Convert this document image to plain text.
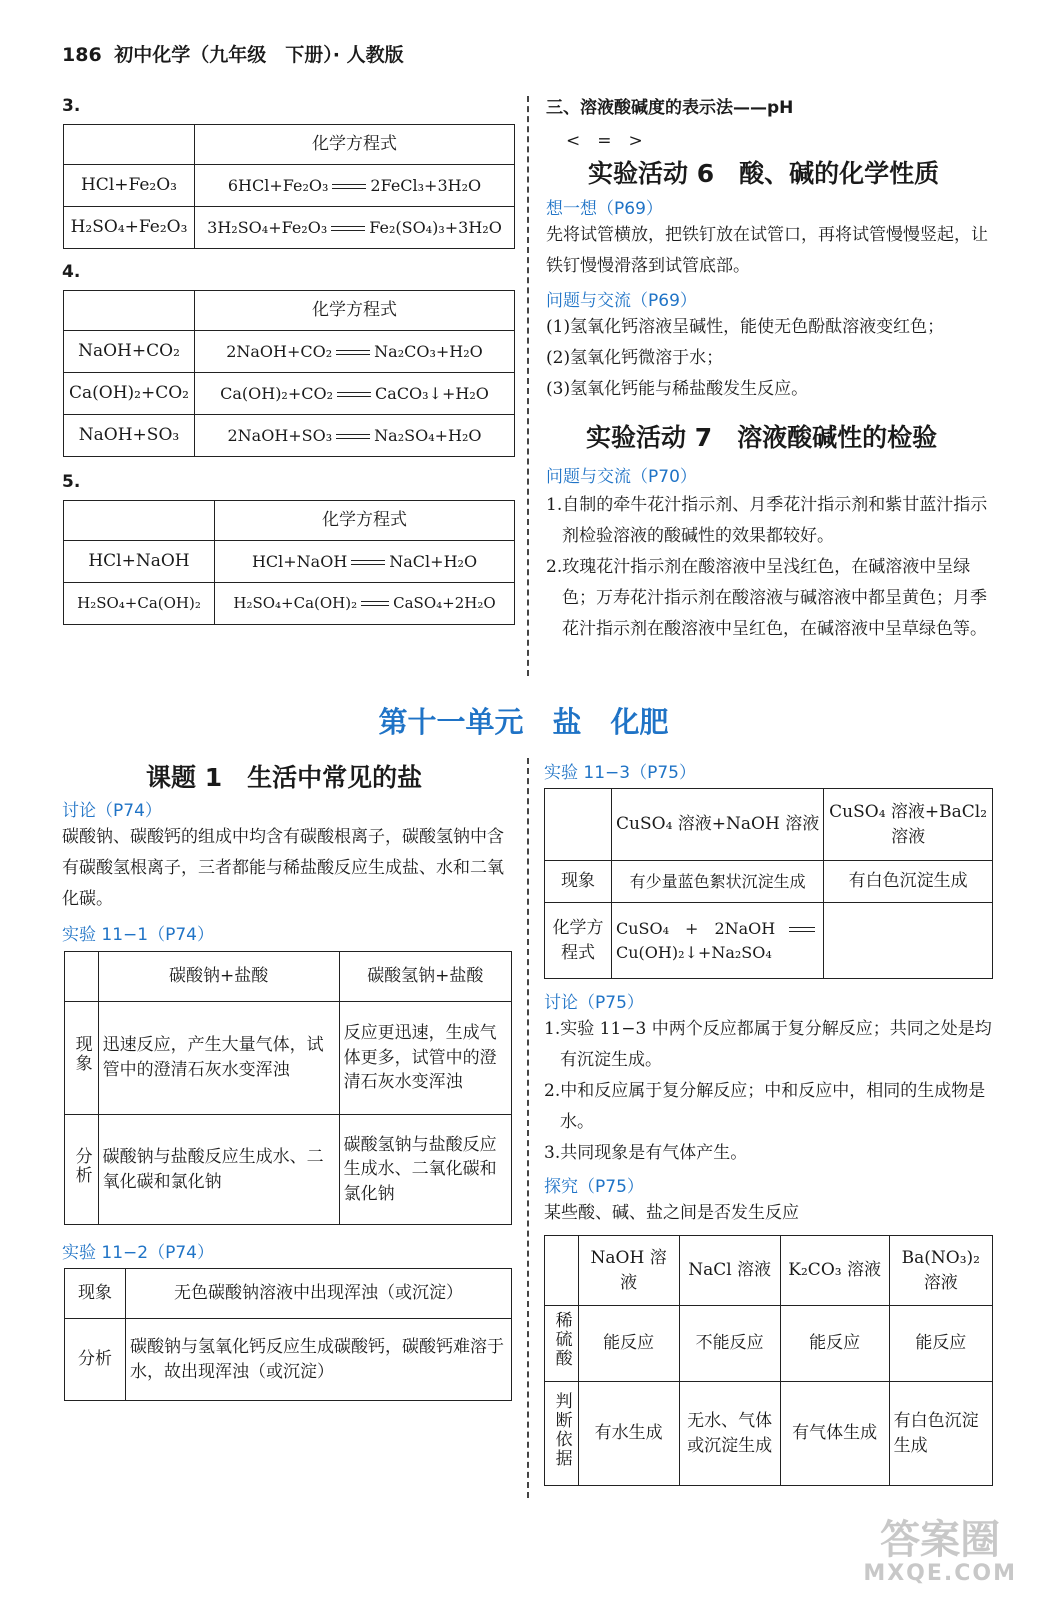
186 初中化学（九年级　下册）· 人教版
3.
	化学方程式
HCl+Fe₂O₃	6HCl+Fe₂O₃ 2FeCl₃+3H₂O
H₂SO₄+Fe₂O₃	3H₂SO₄+Fe₂O₃ Fe₂(SO₄)₃+3H₂O
4.
	化学方程式
NaOH+CO₂	2NaOH+CO₂ Na₂CO₃+H₂O
Ca(OH)₂+CO₂	Ca(OH)₂+CO₂ CaCO₃↓+H₂O
NaOH+SO₃	2NaOH+SO₃ Na₂SO₄+H₂O
5.
	化学方程式
HCl+NaOH	HCl+NaOH NaCl+H₂O
H₂SO₄+Ca(OH)₂	H₂SO₄+Ca(OH)₂ CaSO₄+2H₂O
三、溶液酸碱度的表示法——pH
<　=　>
实验活动 6　酸、碱的化学性质
想一想（P69）
先将试管横放，把铁钉放在试管口，再将试管慢慢竖起，让铁钉慢慢滑落到试管底部。
问题与交流（P69）
(1)氢氧化钙溶液呈碱性，能使无色酚酞溶液变红色；
(2)氢氧化钙微溶于水；
(3)氢氧化钙能与稀盐酸发生反应。
实验活动 7　溶液酸碱性的检验
问题与交流（P70）
1.自制的牵牛花汁指示剂、月季花汁指示剂和紫甘蓝汁指示剂检验溶液的酸碱性的效果都较好。
2.玫瑰花汁指示剂在酸溶液中呈浅红色，在碱溶液中呈绿色；万寿花汁指示剂在酸溶液与碱溶液中都呈黄色；月季花汁指示剂在酸溶液中呈红色，在碱溶液中呈草绿色等。
第十一单元　盐　化肥
课题 1　生活中常见的盐
讨论（P74）
碳酸钠、碳酸钙的组成中均含有碳酸根离子，碳酸氢钠中含有碳酸氢根离子，三者都能与稀盐酸反应生成盐、水和二氧化碳。
实验 11−1（P74）
	碳酸钠+盐酸	碳酸氢钠+盐酸
现象	迅速反应，产生大量气体，试管中的澄清石灰水变浑浊	反应更迅速，生成气体更多，试管中的澄清石灰水变浑浊
分析	碳酸钠与盐酸反应生成水、二氧化碳和氯化钠	碳酸氢钠与盐酸反应生成水、二氧化碳和氯化钠
实验 11−2（P74）
现象	无色碳酸钠溶液中出现浑浊（或沉淀）
分析	碳酸钠与氢氧化钙反应生成碳酸钙，碳酸钙难溶于水，故出现浑浊（或沉淀）
实验 11−3（P75）
	CuSO₄ 溶液+NaOH 溶液	CuSO₄ 溶液+BaCl₂ 溶液
现象	有少量蓝色絮状沉淀生成	有白色沉淀生成
化学方程式	CuSO₄　+　2NaOH
Cu(OH)₂↓+Na₂SO₄	

讨论（P75）
1.实验 11−3 中两个反应都属于复分解反应；共同之处是均有沉淀生成。
2.中和反应属于复分解反应；中和反应中，相同的生成物是水。
3.共同现象是有气体产生。
探究（P75）
某些酸、碱、盐之间是否发生反应
	NaOH 溶液	NaCl 溶液	K₂CO₃ 溶液	Ba(NO₃)₂ 溶液
稀硫酸	能反应	不能反应	能反应	能反应
判断依据	有水生成	无水、气体或沉淀生成	有气体生成	有白色沉淀生成
答案圈
MXQE.COM
